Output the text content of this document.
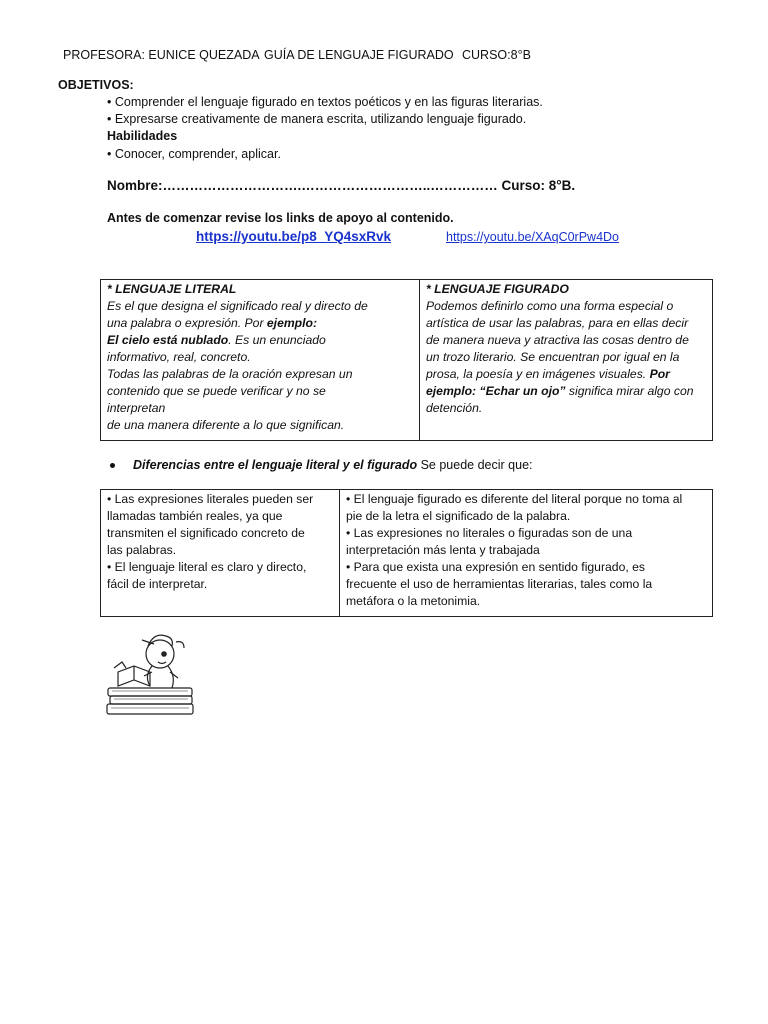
PROFESORA: EUNICE QUEZADA GUÍA DE LENGUAJE FIGURADO CURSO:8°B
OBJETIVOS:
• Comprender el lenguaje figurado en textos poéticos y en las figuras literarias.
• Expresarse creativamente de manera escrita, utilizando lenguaje figurado.
Habilidades
• Conocer, comprender, aplicar.
Nombre:………………………….………………………..…………… Curso: 8°B.
Antes de comenzar revise los links de apoyo al contenido.
https://youtu.be/p8_YQ4sxRvk	https://youtu.be/XAqC0rPw4Do
* LENGUAJE LITERAL
Es el que designa el significado real y directo de
una palabra o expresión. Por ejemplo:
El cielo está nublado. Es un enunciado
informativo, real, concreto.
Todas las palabras de la oración expresan un
contenido que se puede verificar y no se
interpretan
de una manera diferente a lo que significan.

* LENGUAJE FIGURADO
Podemos definirlo como una forma especial o
artística de usar las palabras, para en ellas decir
de manera nueva y atractiva las cosas dentro de
un trozo literario. Se encuentran por igual en la
prosa, la poesía y en imágenes visuales. Por
ejemplo: “Echar un ojo” significa mirar algo con
detención.
Diferencias entre el lenguaje literal y el figurado Se puede decir que:
• Las expresiones literales pueden ser
llamadas también reales, ya que
transmiten el significado concreto de
las palabras.
• El lenguaje literal es claro y directo,
fácil de interpretar.

• El lenguaje figurado es diferente del literal porque no toma al
pie de la letra el significado de la palabra.
• Las expresiones no literales o figuradas son de una
interpretación más lenta y trabajada
• Para que exista una expresión en sentido figurado, es
frecuente el uso de herramientas literarias, tales como la
metáfora o la metonimia.
